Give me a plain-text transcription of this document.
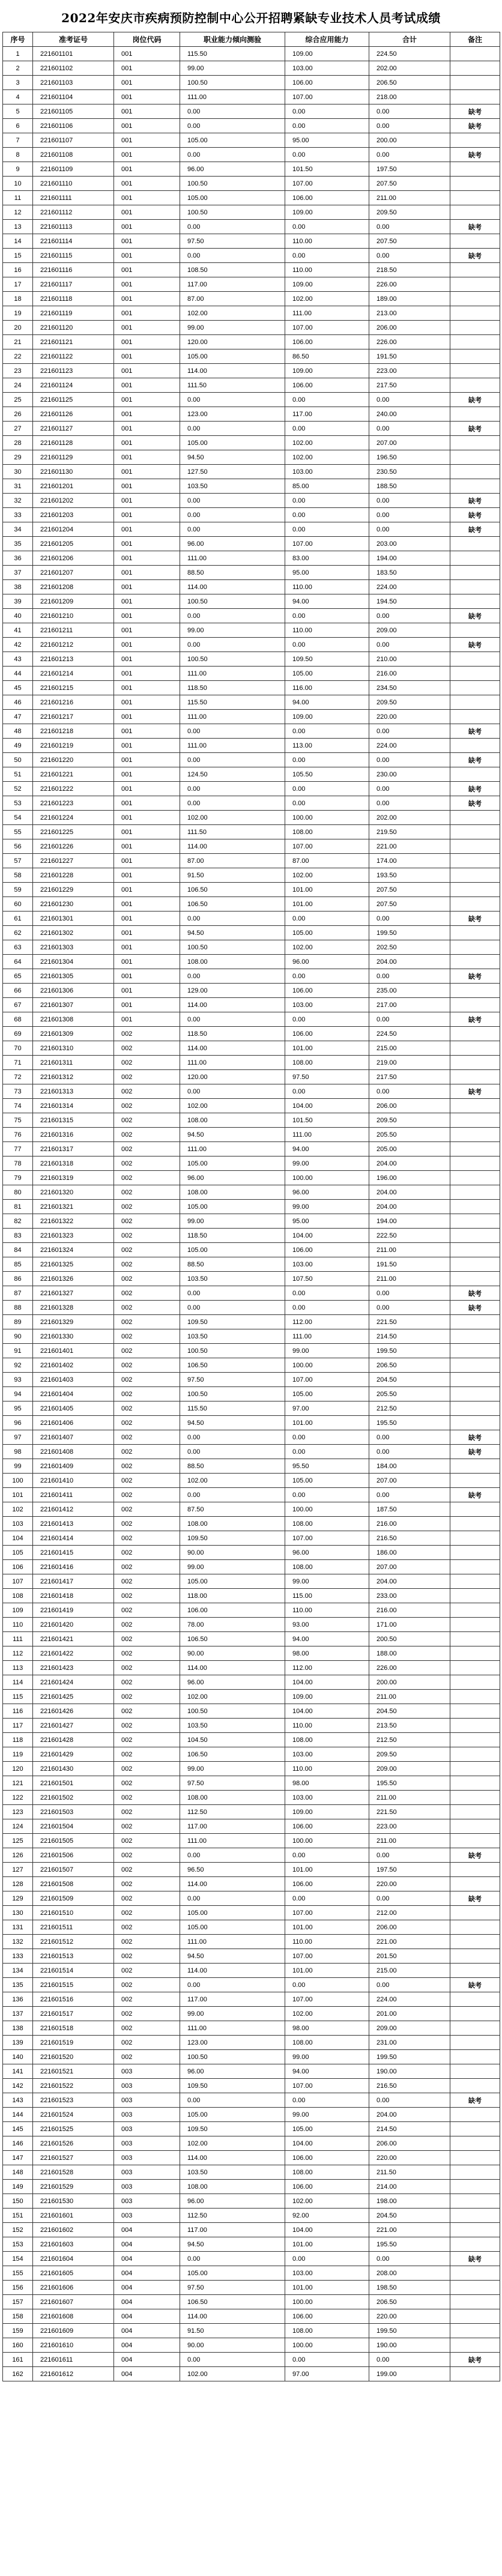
2022年安庆市疾病预防控制中心公开招聘紧缺专业技术人员考试成绩
序号	准考证号	岗位代码	职业能力倾向测验	综合应用能力	合计	备注
1	221601101	001	115.50	109.00	224.50	
2	221601102	001	99.00	103.00	202.00	
3	221601103	001	100.50	106.00	206.50	
4	221601104	001	111.00	107.00	218.00	
5	221601105	001	0.00	0.00	0.00	缺考
6	221601106	001	0.00	0.00	0.00	缺考
7	221601107	001	105.00	95.00	200.00	
8	221601108	001	0.00	0.00	0.00	缺考
9	221601109	001	96.00	101.50	197.50	
10	221601110	001	100.50	107.00	207.50	
11	221601111	001	105.00	106.00	211.00	
12	221601112	001	100.50	109.00	209.50	
13	221601113	001	0.00	0.00	0.00	缺考
14	221601114	001	97.50	110.00	207.50	
15	221601115	001	0.00	0.00	0.00	缺考
16	221601116	001	108.50	110.00	218.50	
17	221601117	001	117.00	109.00	226.00	
18	221601118	001	87.00	102.00	189.00	
19	221601119	001	102.00	111.00	213.00	
20	221601120	001	99.00	107.00	206.00	
21	221601121	001	120.00	106.00	226.00	
22	221601122	001	105.00	86.50	191.50	
23	221601123	001	114.00	109.00	223.00	
24	221601124	001	111.50	106.00	217.50	
25	221601125	001	0.00	0.00	0.00	缺考
26	221601126	001	123.00	117.00	240.00	
27	221601127	001	0.00	0.00	0.00	缺考
28	221601128	001	105.00	102.00	207.00	
29	221601129	001	94.50	102.00	196.50	
30	221601130	001	127.50	103.00	230.50	
31	221601201	001	103.50	85.00	188.50	
32	221601202	001	0.00	0.00	0.00	缺考
33	221601203	001	0.00	0.00	0.00	缺考
34	221601204	001	0.00	0.00	0.00	缺考
35	221601205	001	96.00	107.00	203.00	
36	221601206	001	111.00	83.00	194.00	
37	221601207	001	88.50	95.00	183.50	
38	221601208	001	114.00	110.00	224.00	
39	221601209	001	100.50	94.00	194.50	
40	221601210	001	0.00	0.00	0.00	缺考
41	221601211	001	99.00	110.00	209.00	
42	221601212	001	0.00	0.00	0.00	缺考
43	221601213	001	100.50	109.50	210.00	
44	221601214	001	111.00	105.00	216.00	
45	221601215	001	118.50	116.00	234.50	
46	221601216	001	115.50	94.00	209.50	
47	221601217	001	111.00	109.00	220.00	
48	221601218	001	0.00	0.00	0.00	缺考
49	221601219	001	111.00	113.00	224.00	
50	221601220	001	0.00	0.00	0.00	缺考
51	221601221	001	124.50	105.50	230.00	
52	221601222	001	0.00	0.00	0.00	缺考
53	221601223	001	0.00	0.00	0.00	缺考
54	221601224	001	102.00	100.00	202.00	
55	221601225	001	111.50	108.00	219.50	
56	221601226	001	114.00	107.00	221.00	
57	221601227	001	87.00	87.00	174.00	
58	221601228	001	91.50	102.00	193.50	
59	221601229	001	106.50	101.00	207.50	
60	221601230	001	106.50	101.00	207.50	
61	221601301	001	0.00	0.00	0.00	缺考
62	221601302	001	94.50	105.00	199.50	
63	221601303	001	100.50	102.00	202.50	
64	221601304	001	108.00	96.00	204.00	
65	221601305	001	0.00	0.00	0.00	缺考
66	221601306	001	129.00	106.00	235.00	
67	221601307	001	114.00	103.00	217.00	
68	221601308	001	0.00	0.00	0.00	缺考
69	221601309	002	118.50	106.00	224.50	
70	221601310	002	114.00	101.00	215.00	
71	221601311	002	111.00	108.00	219.00	
72	221601312	002	120.00	97.50	217.50	
73	221601313	002	0.00	0.00	0.00	缺考
74	221601314	002	102.00	104.00	206.00	
75	221601315	002	108.00	101.50	209.50	
76	221601316	002	94.50	111.00	205.50	
77	221601317	002	111.00	94.00	205.00	
78	221601318	002	105.00	99.00	204.00	
79	221601319	002	96.00	100.00	196.00	
80	221601320	002	108.00	96.00	204.00	
81	221601321	002	105.00	99.00	204.00	
82	221601322	002	99.00	95.00	194.00	
83	221601323	002	118.50	104.00	222.50	
84	221601324	002	105.00	106.00	211.00	
85	221601325	002	88.50	103.00	191.50	
86	221601326	002	103.50	107.50	211.00	
87	221601327	002	0.00	0.00	0.00	缺考
88	221601328	002	0.00	0.00	0.00	缺考
89	221601329	002	109.50	112.00	221.50	
90	221601330	002	103.50	111.00	214.50	
91	221601401	002	100.50	99.00	199.50	
92	221601402	002	106.50	100.00	206.50	
93	221601403	002	97.50	107.00	204.50	
94	221601404	002	100.50	105.00	205.50	
95	221601405	002	115.50	97.00	212.50	
96	221601406	002	94.50	101.00	195.50	
97	221601407	002	0.00	0.00	0.00	缺考
98	221601408	002	0.00	0.00	0.00	缺考
99	221601409	002	88.50	95.50	184.00	
100	221601410	002	102.00	105.00	207.00	
101	221601411	002	0.00	0.00	0.00	缺考
102	221601412	002	87.50	100.00	187.50	
103	221601413	002	108.00	108.00	216.00	
104	221601414	002	109.50	107.00	216.50	
105	221601415	002	90.00	96.00	186.00	
106	221601416	002	99.00	108.00	207.00	
107	221601417	002	105.00	99.00	204.00	
108	221601418	002	118.00	115.00	233.00	
109	221601419	002	106.00	110.00	216.00	
110	221601420	002	78.00	93.00	171.00	
111	221601421	002	106.50	94.00	200.50	
112	221601422	002	90.00	98.00	188.00	
113	221601423	002	114.00	112.00	226.00	
114	221601424	002	96.00	104.00	200.00	
115	221601425	002	102.00	109.00	211.00	
116	221601426	002	100.50	104.00	204.50	
117	221601427	002	103.50	110.00	213.50	
118	221601428	002	104.50	108.00	212.50	
119	221601429	002	106.50	103.00	209.50	
120	221601430	002	99.00	110.00	209.00	
121	221601501	002	97.50	98.00	195.50	
122	221601502	002	108.00	103.00	211.00	
123	221601503	002	112.50	109.00	221.50	
124	221601504	002	117.00	106.00	223.00	
125	221601505	002	111.00	100.00	211.00	
126	221601506	002	0.00	0.00	0.00	缺考
127	221601507	002	96.50	101.00	197.50	
128	221601508	002	114.00	106.00	220.00	
129	221601509	002	0.00	0.00	0.00	缺考
130	221601510	002	105.00	107.00	212.00	
131	221601511	002	105.00	101.00	206.00	
132	221601512	002	111.00	110.00	221.00	
133	221601513	002	94.50	107.00	201.50	
134	221601514	002	114.00	101.00	215.00	
135	221601515	002	0.00	0.00	0.00	缺考
136	221601516	002	117.00	107.00	224.00	
137	221601517	002	99.00	102.00	201.00	
138	221601518	002	111.00	98.00	209.00	
139	221601519	002	123.00	108.00	231.00	
140	221601520	002	100.50	99.00	199.50	
141	221601521	003	96.00	94.00	190.00	
142	221601522	003	109.50	107.00	216.50	
143	221601523	003	0.00	0.00	0.00	缺考
144	221601524	003	105.00	99.00	204.00	
145	221601525	003	109.50	105.00	214.50	
146	221601526	003	102.00	104.00	206.00	
147	221601527	003	114.00	106.00	220.00	
148	221601528	003	103.50	108.00	211.50	
149	221601529	003	108.00	106.00	214.00	
150	221601530	003	96.00	102.00	198.00	
151	221601601	003	112.50	92.00	204.50	
152	221601602	004	117.00	104.00	221.00	
153	221601603	004	94.50	101.00	195.50	
154	221601604	004	0.00	0.00	0.00	缺考
155	221601605	004	105.00	103.00	208.00	
156	221601606	004	97.50	101.00	198.50	
157	221601607	004	106.50	100.00	206.50	
158	221601608	004	114.00	106.00	220.00	
159	221601609	004	91.50	108.00	199.50	
160	221601610	004	90.00	100.00	190.00	
161	221601611	004	0.00	0.00	0.00	缺考
162	221601612	004	102.00	97.00	199.00	
